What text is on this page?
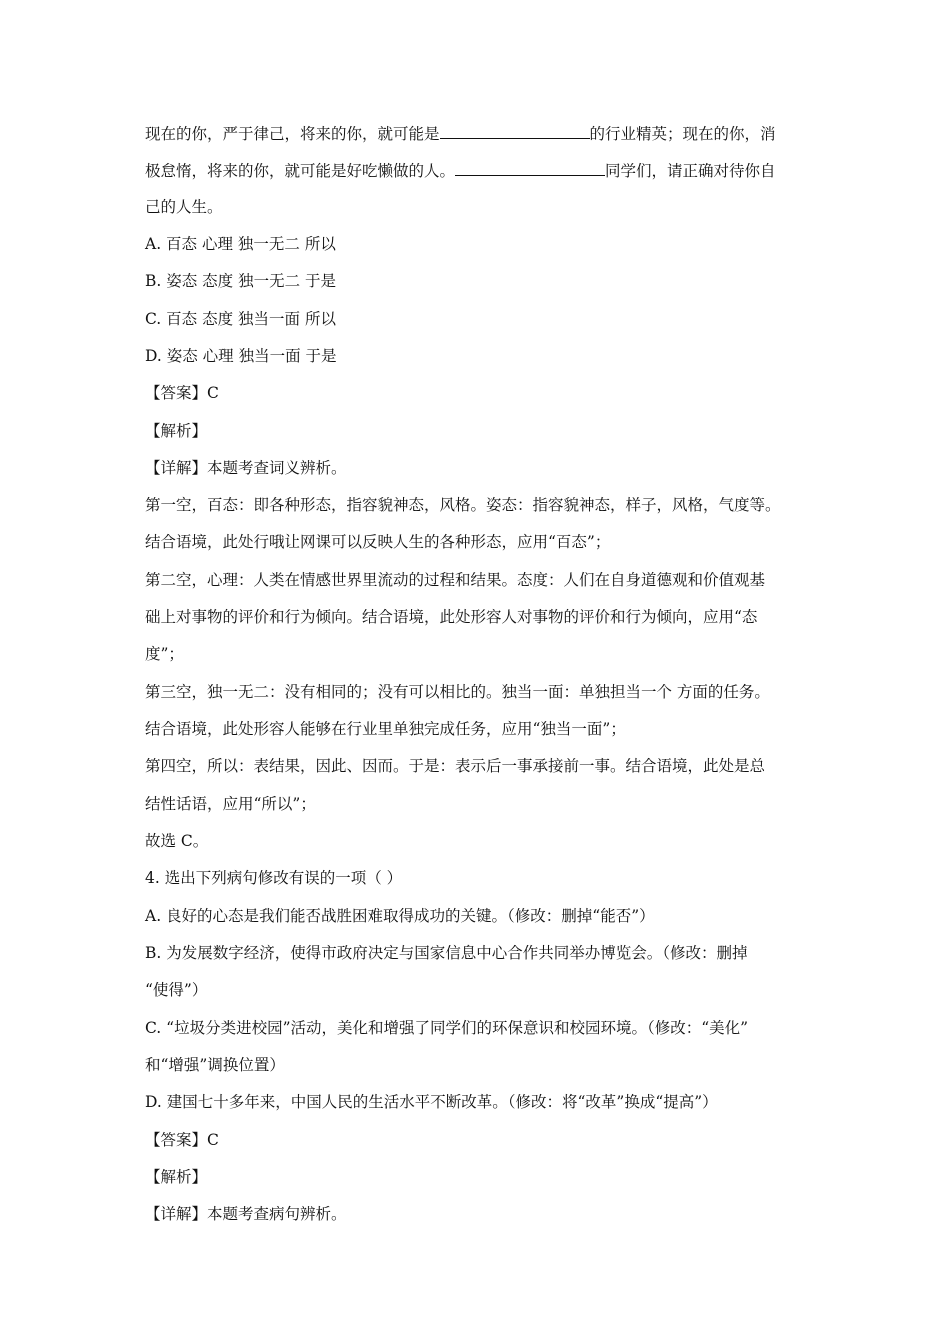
现在的你，严于律己，将来的你，就可能是	的行业精英；现在的你，消
极怠惰，将来的你，就可能是好吃懒做的人。	同学们，请正确对待你自
己的人生。
A. 百态 心理 独一无二 所以
B. 姿态 态度 独一无二 于是
C. 百态 态度 独当一面 所以
D. 姿态 心理 独当一面 于是
【答案】C
【解析】
【详解】本题考查词义辨析。
第一空，百态：即各种形态，指容貌神态，风格。姿态：指容貌神态，样子，风格，气度等。
结合语境，此处行哦让网课可以反映人生的各种形态，应用“百态”；
第二空，心理：人类在情感世界里流动的过程和结果。态度：人们在自身道德观和价值观基
础上对事物的评价和行为倾向。结合语境，此处形容人对事物的评价和行为倾向，应用“态
度”；
第三空，独一无二：没有相同的；没有可以相比的。独当一面：单独担当一个 方面的任务。
结合语境，此处形容人能够在行业里单独完成任务，应用“独当一面”；
第四空，所以：表结果，因此、因而。于是：表示后一事承接前一事。结合语境，此处是总
结性话语，应用“所以”；
故选 C。
4. 选出下列病句修改有误的一项（ ）
A. 良好的心态是我们能否战胜困难取得成功的关键。（修改：删掉“能否”）
B. 为发展数字经济，使得市政府决定与国家信息中心合作共同举办博览会。（修改：删掉
“使得”）
C. “垃圾分类进校园”活动，美化和增强了同学们的环保意识和校园环境。（修改：“美化”
和“增强”调换位置）
D. 建国七十多年来，中国人民的生活水平不断改革。（修改：将“改革”换成“提高”）
【答案】C
【解析】
【详解】本题考查病句辨析。
